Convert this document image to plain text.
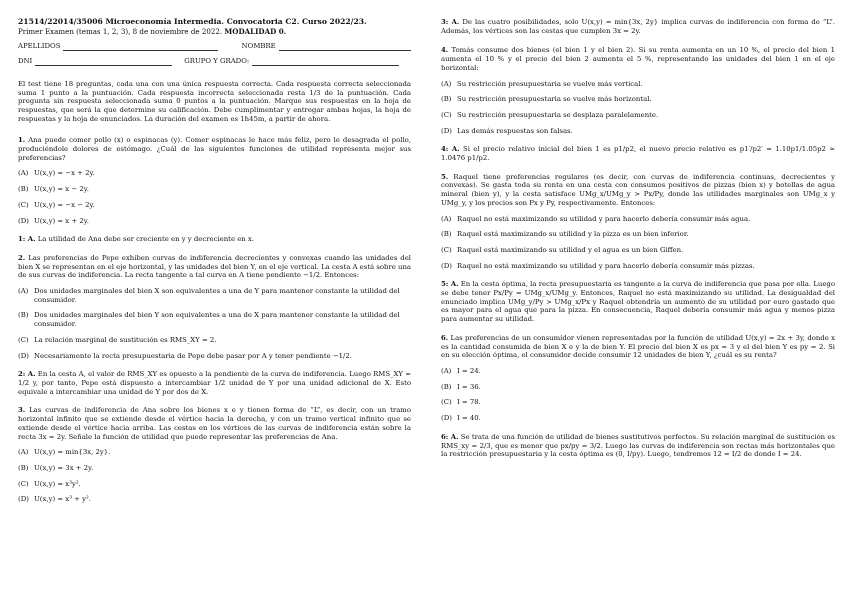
21514/22014/35006 Microeconomía Intermedia. Convocatoria C2. Curso 2022/23.

Primer Examen (temas 1, 2, 3), 8 de noviembre de 2022. MODALIDAD 0.

APELLIDOS	NOMBRE
DNI	GRUPO Y GRADO:

El test tiene 18 preguntas, cada una con una única respuesta correcta. Cada respuesta correcta seleccionada suma 1 punto a la puntuación. Cada respuesta incorrecta seleccionada resta 1/3 de la puntuación. Cada pregunta sin respuesta seleccionada suma 0 puntos a la puntuación. Marque sus respuestas en la hoja de respuestas, que será la que determine su calificación. Debe cumplimentar y entregar ambas hojas, la hoja de respuestas y la hoja de enunciados. La duración del examen es 1h45m, a partir de ahora.

1. Ana puede comer pollo (x) o espinacas (y). Comer espinacas le hace más feliz, pero le desagrada el pollo, produciéndole dolores de estómago. ¿Cuál de las siguientes funciones de utilidad representa mejor sus preferencias?

(A) U(x,y) = −x + 2y.
(B) U(x,y) = x − 2y.
(C) U(x,y) = −x − 2y.
(D) U(x,y) = x + 2y.

1: A. La utilidad de Ana debe ser creciente en y y decreciente en x.

2. Las preferencias de Pepe exhiben curvas de indiferencia decrecientes y convexas cuando las unidades del bien X se representan en el eje horizontal, y las unidades del bien Y, en el eje vertical. La cesta A está sobre una de sus curvas de indiferencia. La recta tangente a tal curva en A tiene pendiente −1/2. Entonces:

(A) Dos unidades marginales del bien X son equivalentes a una de Y para mantener constante la utilidad del consumidor.
(B) Dos unidades marginales del bien Y son equivalentes a una de X para mantener constante la utilidad del consumidor.
(C) La relación marginal de sustitución es RMS_XY = 2.
(D) Necesariamente la recta presupuestaria de Pepe debe pasar por A y tener pendiente −1/2.

2: A. En la cesta A, el valor de RMS_XY es opuesto a la pendiente de la curva de indiferencia. Luego RMS_XY = 1/2 y, por tanto, Pepe está dispuesto a intercambiar 1/2 unidad de Y por una unidad adicional de X. Esto equivale a intercambiar una unidad de Y por dos de X.

3. Las curvas de indiferencia de Ana sobre los bienes x e y tienen forma de “L”, es decir, con un tramo horizontal infinito que se extiende desde el vértice hacia la derecha, y con un tramo vertical infinito que se extiende desde el vértice hacia arriba. Las cestas en los vértices de las curvas de indiferencia están sobre la recta 3x = 2y. Señale la función de utilidad que puede representar las preferencias de Ana.

(A) U(x,y) = min{3x, 2y}.
(B) U(x,y) = 3x + 2y.
(C) U(x,y) = x³y².
(D) U(x,y) = x³ + y².

3: A. De las cuatro posibilidades, solo U(x,y) = min{3x, 2y} implica curvas de indiferencia con forma de “L”. Además, los vértices son las cestas que cumplen 3x = 2y.

4. Tomás consume dos bienes (el bien 1 y el bien 2). Si su renta aumenta en un 10 %, el precio del bien 1 aumenta el 10 % y el precio del bien 2 aumenta el 5 %, representando las unidades del bien 1 en el eje horizontal:

(A) Su restricción presupuestaria se vuelve más vertical.
(B) Su restricción presupuestaria se vuelve más horizontal.
(C) Su restricción presupuestaria se desplaza paralelamente.
(D) Las demás respuestas son falsas.

4: A. Si el precio relativo inicial del bien 1 es p1/p2, el nuevo precio relativo es p1′/p2′ = 1.10p1/1.05p2 ≈ 1.0476 p1/p2.

5. Raquel tiene preferencias regulares (es decir, con curvas de indiferencia continuas, decrecientes y convexas). Se gasta toda su renta en una cesta con consumos positivos de pizzas (bien x) y botellas de agua mineral (bien y), y la cesta satisface UMg_x/UMg_y > Px/Py, donde las utilidades marginales son UMg_x y UMg_y, y los precios son Px y Py, respectivamente. Entonces:

(A) Raquel no está maximizando su utilidad y para hacerlo debería consumir más agua.
(B) Raquel está maximizando su utilidad y la pizza es un bien inferior.
(C) Raquel está maximizando su utilidad y el agua es un bien Giffen.
(D) Raquel no está maximizando su utilidad y para hacerlo debería consumir más pizzas.

5: A. En la cesta óptima, la recta presupuestaria es tangente a la curva de indiferencia que pasa por ella. Luego se debe tener Px/Py = UMg_x/UMg_y. Entonces, Raquel no está maximizando su utilidad. La desigualdad del enunciado implica UMg_y/Py > UMg_x/Px y Raquel obtendría un aumento de su utilidad por euro gastado que es mayor para el agua que para la pizza. En consecuencia, Raquel debería consumir más agua y menos pizza para aumentar su utilidad.

6. Las preferencias de un consumidor vienen representadas por la función de utilidad U(x,y) = 2x + 3y, donde x es la cantidad consumida de bien X e y la de bien Y. El precio del bien X es px = 3 y el del bien Y es py = 2. Si en su elección óptima, el consumidor decide consumir 12 unidades de bien Y, ¿cuál es su renta?

(A) I = 24.
(B) I = 36.
(C) I = 78.
(D) I = 40.

6: A. Se trata de una función de utilidad de bienes sustitutivos perfectos. Su relación marginal de sustitución es RMS_xy = 2/3, que es menor que px/py = 3/2. Luego las curvas de indiferencia son rectas más horizontales que la restricción presupuestaria y la cesta óptima es (0, I/py). Luego, tendremos 12 = I/2 de donde I = 24.
